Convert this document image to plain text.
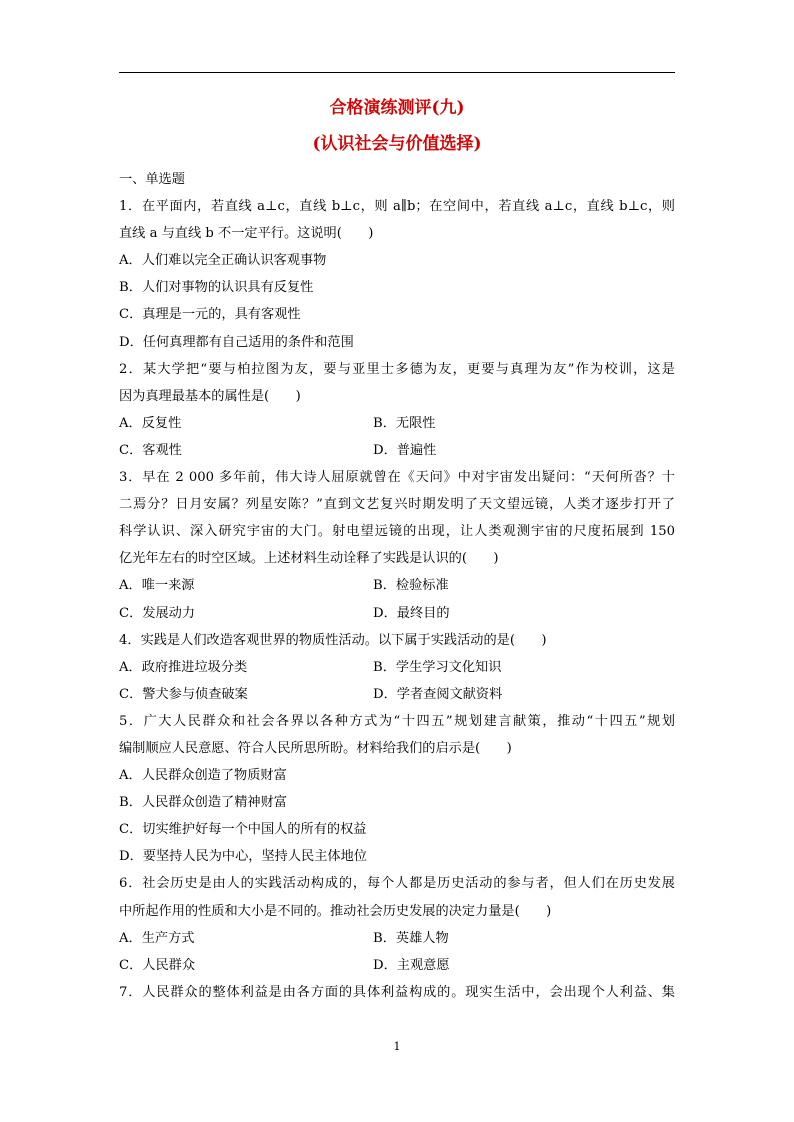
合格演练测评(九)
(认识社会与价值选择)
一、单选题
1．在平面内，若直线 a⊥c，直线 b⊥c，则 a∥b；在空间中，若直线 a⊥c，直线 b⊥c，则
直线 a 与直线 b 不一定平行。这说明(　　)
A．人们难以完全正确认识客观事物
B．人们对事物的认识具有反复性
C．真理是一元的，具有客观性
D．任何真理都有自己适用的条件和范围
2．某大学把“要与柏拉图为友，要与亚里士多德为友，更要与真理为友”作为校训，这是
因为真理最基本的属性是(　　)
A．反复性	B．无限性
C．客观性	D．普遍性
3．早在 2 000 多年前，伟大诗人屈原就曾在《天问》中对宇宙发出疑问：“天何所沓？十
二焉分？日月安属？列星安陈？”直到文艺复兴时期发明了天文望远镜，人类才逐步打开了
科学认识、深入研究宇宙的大门。射电望远镜的出现，让人类观测宇宙的尺度拓展到 150
亿光年左右的时空区域。上述材料生动诠释了实践是认识的(　　)
A．唯一来源	B．检验标准
C．发展动力	D．最终目的
4．实践是人们改造客观世界的物质性活动。以下属于实践活动的是(　　)
A．政府推进垃圾分类	B．学生学习文化知识
C．警犬参与侦查破案	D．学者查阅文献资料
5．广大人民群众和社会各界以各种方式为“十四五”规划建言献策，推动“十四五”规划
编制顺应人民意愿、符合人民所思所盼。材料给我们的启示是(　　)
A．人民群众创造了物质财富
B．人民群众创造了精神财富
C．切实维护好每一个中国人的所有的权益
D．要坚持人民为中心，坚持人民主体地位
6．社会历史是由人的实践活动构成的，每个人都是历史活动的参与者，但人们在历史发展
中所起作用的性质和大小是不同的。推动社会历史发展的决定力量是(　　)
A．生产方式	B．英雄人物
C．人民群众	D．主观意愿
7．人民群众的整体利益是由各方面的具体利益构成的。现实生活中，会出现个人利益、集
1
